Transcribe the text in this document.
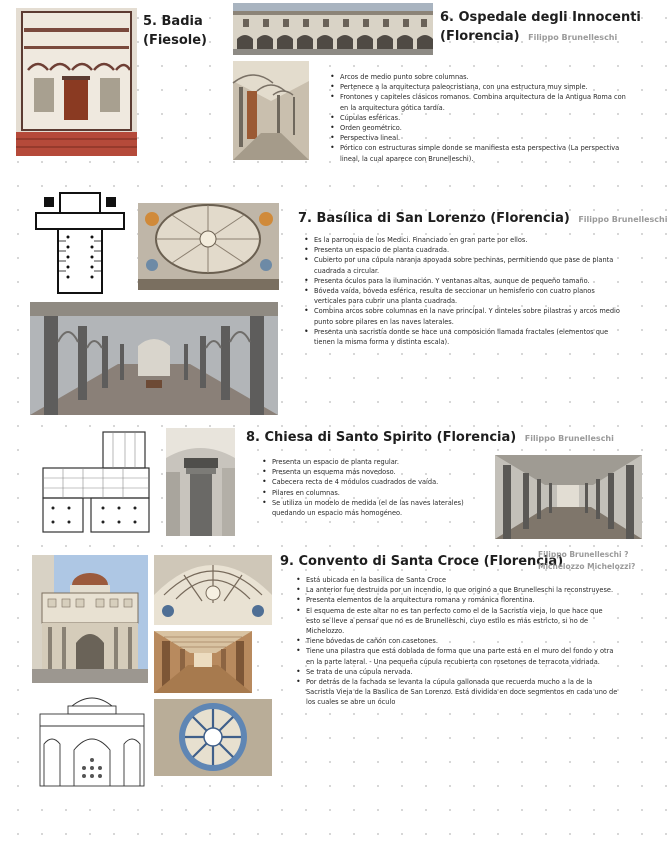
5. Badia
(Fiesole)
6. Ospedale degli Innocenti
(Florencia) Filippo Brunelleschi
• Arcos de medio punto sobre columnas.
• Pertenece a la arquitectura paleocristiana, con una estructura muy simple.
• Frontones y capiteles clásicos romanos. Combina arquitectura de la Antigua Roma con en la arquitectura gótica tardía.
• Cúpulas esféricas.
• Orden geométrico.
• Perspectiva lineal.
• Pórtico con estructuras simple donde se manifiesta esta perspectiva (La perspectiva lineal, la cual aparece con Brunelleschi).
7. Basílica di San Lorenzo (Florencia) Filippo Brunelleschi
• Es la parroquia de los Medici. Financiado en gran parte por ellos.
• Presenta un espacio de planta cuadrada.
• Cubierto por una cúpula naranja apoyada sobre pechinas, permitiendo que pase de planta cuadrada a circular.
• Presenta óculos para la iluminación. Y ventanas altas, aunque de pequeño tamaño.
• Bóveda vaída, bóveda esférica, resulta de seccionar un hemisferio con cuatro planos verticales para cubrir una planta cuadrada.
• Combina arcos sobre columnas en la nave principal. Y dinteles sobre pilastras y arcos medio punto sobre pilares en las naves laterales.
• Presenta una sacristía donde se hace una composición llamada fractales (elementos que tienen la misma forma y distinta escala).
8. Chiesa di Santo Spirito (Florencia) Filippo Brunelleschi
• Presenta un espacio de planta regular.
• Presenta un esquema más novedoso.
• Cabecera recta de 4 módulos cuadrados de vaída.
• Pilares en columnas.
• Se utiliza un modelo de medida (el de las naves laterales) quedando un espacio más homogéneo.
9. Convento di Santa Croce (Florencia)
Filippo Brunelleschi ?
Michelozzo Michelozzi?
• Está ubicada en la basílica de Santa Croce
• La anterior fue destruida por un incendio, lo que originó a que Brunelleschi la reconstruyese.
• Presenta elementos de la arquitectura romana y románica florentina.
• El esquema de este altar no es tan perfecto como el de la Sacristía vieja, lo que hace que esto se lleve a pensar que no es de Brunelleschi, cuyo estilo es más estricto, si no de Michelozzo.
• Tiene bóvedas de cañón con casetones.
• Tiene una pilastra que está doblada de forma que una parte está en el muro del fondo y otra en la parte lateral. - Una pequeña cúpula recubierta con rosetones de terracota vidriada.
• Se trata de una cúpula nervada.
• Por detrás de la fachada se levanta la cúpula gallonada que recuerda mucho a la de la Sacristía Vieja de la Basílica de San Lorenzo. Está dividida en doce segmentos en cada uno de los cuales se abre un óculo
